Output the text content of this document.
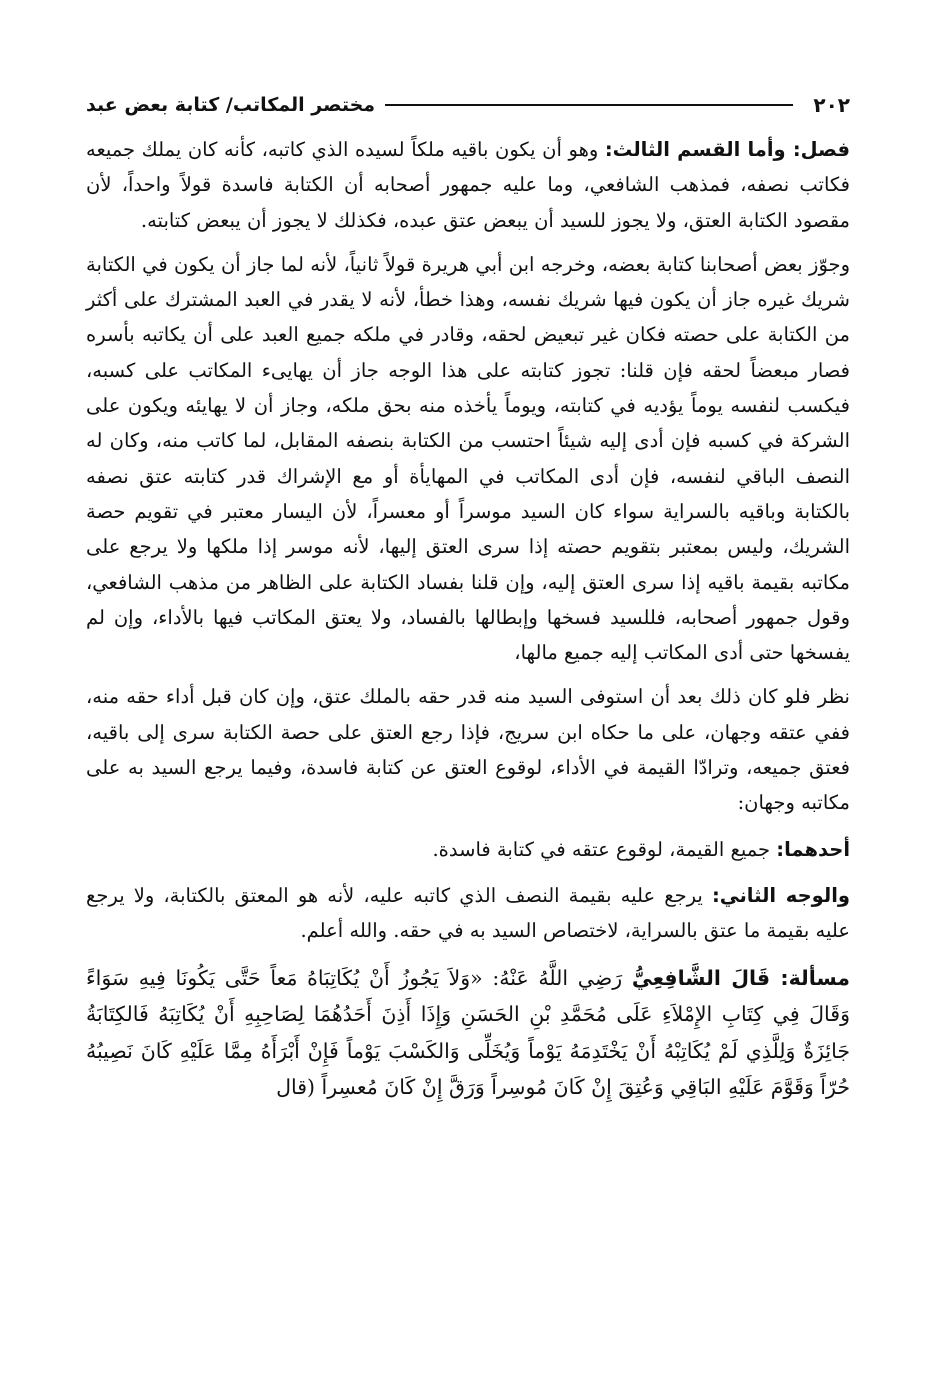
٢٠٢
مختصر المكاتب/ كتابة بعض عبد

فصل: وأما القسم الثالث: وهو أن يكون باقيه ملكاً لسيده الذي كاتبه، كأنه كان يملك جميعه فكاتب نصفه، فمذهب الشافعي، وما عليه جمهور أصحابه أن الكتابة فاسدة قولاً واحداً، لأن مقصود الكتابة العتق، ولا يجوز للسيد أن يبعض عتق عبده، فكذلك لا يجوز أن يبعض كتابته.

وجوّز بعض أصحابنا كتابة بعضه، وخرجه ابن أبي هريرة قولاً ثانياً، لأنه لما جاز أن يكون في الكتابة شريك غيره جاز أن يكون فيها شريك نفسه، وهذا خطأ، لأنه لا يقدر في العبد المشترك على أكثر من الكتابة على حصته فكان غير تبعيض لحقه، وقادر في ملكه جميع العبد على أن يكاتبه بأسره فصار مبعضاً لحقه فإن قلنا: تجوز كتابته على هذا الوجه جاز أن يهايىء المكاتب على كسبه، فيكسب لنفسه يوماً يؤديه في كتابته، ويوماً يأخذه منه بحق ملكه، وجاز أن لا يهايئه ويكون على الشركة في كسبه فإن أدى إليه شيئاً احتسب من الكتابة بنصفه المقابل، لما كاتب منه، وكان له النصف الباقي لنفسه، فإن أدى المكاتب في المهايأة أو مع الإشراك قدر كتابته عتق نصفه بالكتابة وباقيه بالسراية سواء كان السيد موسراً أو معسراً، لأن اليسار معتبر في تقويم حصة الشريك، وليس بمعتبر بتقويم حصته إذا سرى العتق إليها، لأنه موسر إذا ملكها ولا يرجع على مكاتبه بقيمة باقيه إذا سرى العتق إليه، وإن قلنا بفساد الكتابة على الظاهر من مذهب الشافعي، وقول جمهور أصحابه، فللسيد فسخها وإبطالها بالفساد، ولا يعتق المكاتب فيها بالأداء، وإن لم يفسخها حتى أدى المكاتب إليه جميع مالها،

نظر فلو كان ذلك بعد أن استوفى السيد منه قدر حقه بالملك عتق، وإن كان قبل أداء حقه منه، ففي عتقه وجهان، على ما حكاه ابن سريج، فإذا رجع العتق على حصة الكتابة سرى إلى باقيه، فعتق جميعه، وترادّا القيمة في الأداء، لوقوع العتق عن كتابة فاسدة، وفيما يرجع السيد به على مكاتبه وجهان:

أحدهما: جميع القيمة، لوقوع عتقه في كتابة فاسدة.

والوجه الثاني: يرجع عليه بقيمة النصف الذي كاتبه عليه، لأنه هو المعتق بالكتابة، ولا يرجع عليه بقيمة ما عتق بالسراية، لاختصاص السيد به في حقه. والله أعلم.

مسألة: قَالَ الشَّافِعِيُّ رَضِي اللَّهُ عَنْهُ: «وَلاَ يَجُوزُ أَنْ يُكَاتِبَاهُ مَعاً حَتَّى يَكُونَا فِيهِ سَوَاءً وَقَالَ فِي كِتَابِ الإِمْلاَءِ عَلَى مُحَمَّدِ بْنِ الحَسَنِ وَإِذَا أَذِنَ أَحَدُهُمَا لِصَاحِبِهِ أَنْ يُكَاتِبَهُ فَالكِتَابَةُ جَائِزَةٌ وَلِلَّذِي لَمْ يُكَاتِبْهُ أَنْ يَخْتَدِمَهُ يَوْماً وَيُخَلِّى وَالكَسْبَ يَوْماً فَإِنْ أَبْرَأَهُ مِمَّا عَلَيْهِ كَانَ نَصِيبُهُ حُرّاً وَقَوَّمَ عَلَيْهِ البَاقِي وَعُتِقَ إِنْ كَانَ مُوسِراً وَرَقَّ إِنْ كَانَ مُعسِراً (قال
